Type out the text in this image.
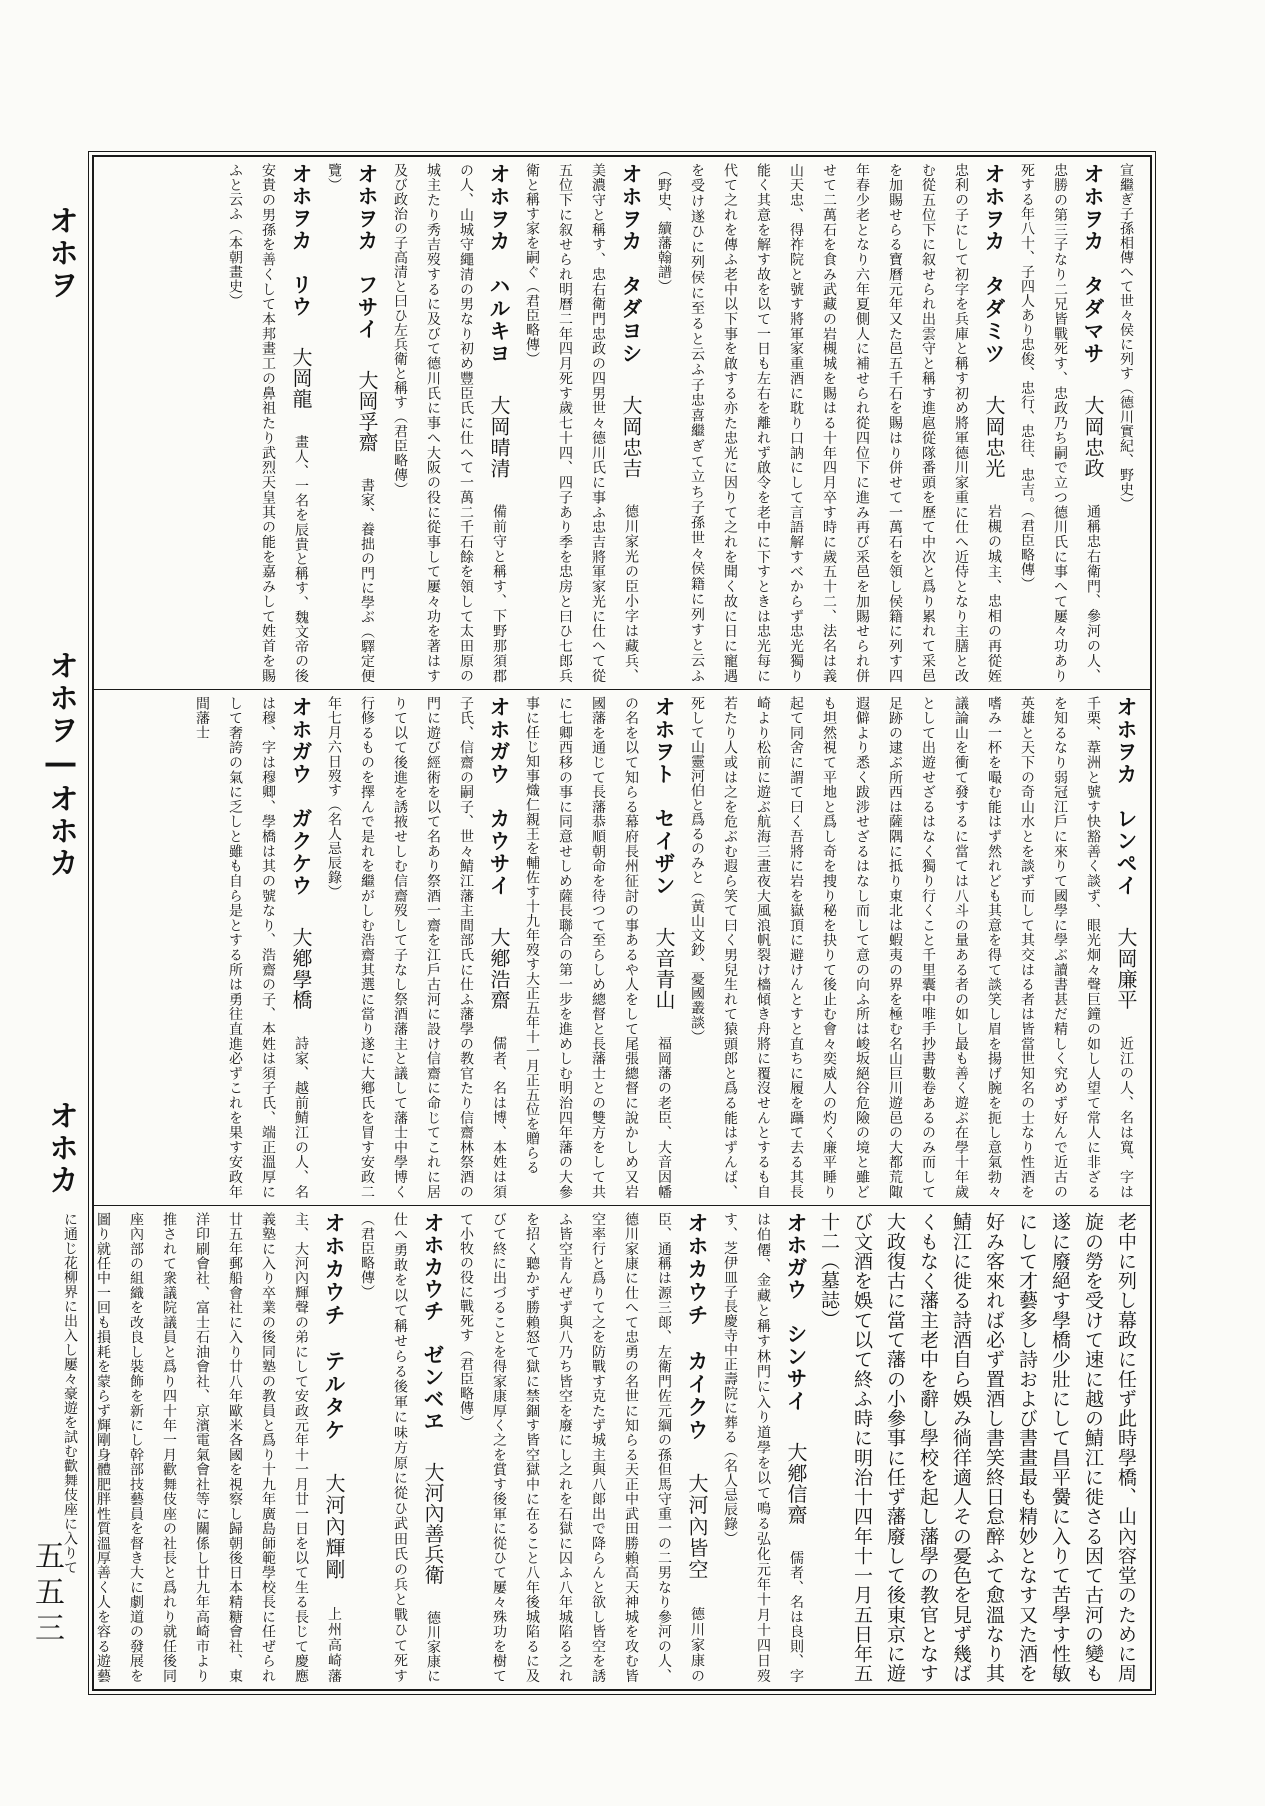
オホヲ
オホヲ―オホカ
オホカ
五五三

宣繼ぎ子孫相傳へて世々侯に列す（德川實紀、野史）

オホヲカ　タダマサ　大岡忠政　通稱忠右衛門、參河の人、忠勝の第三子なり二兄皆戰死す、忠政乃ち嗣で立つ德川氏に事へて屢々功あり死する年八十、子四人あり忠俊、忠行、忠往、忠吉。（君臣略傳）

オホヲカ　タダミツ　大岡忠光　岩槻の城主、忠相の再從姪忠利の子にして初字を兵庫と稱す初め將軍德川家重に仕へ近侍となり主膳と改む從五位下に叙せられ出雲守と稱す進扈從隊番頭を歷て中次と爲り累れて采邑を加賜せらる寶曆元年又た邑五千石を賜はり併せて一萬石を領し侯籍に列す四年春少老となり六年夏側人に補せられ從四位下に進み再び采邑を加賜せられ併せて二萬石を食み武藏の岩槻城を賜はる十年四月卒す時に歲五十二、法名は義山天忠、得祚院と號す將軍家重酒に耽り口訥にして言語解すべからず忠光獨り能く其意を解す故を以て一日も左右を離れず啟令を老中に下すときは忠光每に代て之れを傳ふ老中以下事を啟する亦た忠光に因りて之れを聞く故に日に寵遇を受け遂ひに列侯に至ると云ふ子忠喜繼ぎて立ち子孫世々侯籍に列すと云ふ（野史、續藩翰譜）

オホヲカ　タダヨシ　大岡忠吉　德川家光の臣小字は藏兵、美濃守と稱す、忠右衛門忠政の四男世々德川氏に事ふ忠吉將軍家光に仕へて從五位下に叙せられ明曆二年四月死す歲七十四、四子あり季を忠房と曰ひ七郎兵衛と稱す家を嗣ぐ（君臣略傳）

オホヲカ　ハルキヨ　大岡晴清　備前守と稱す、下野那須郡の人、山城守繩清の男なり初め豐臣氏に仕へて一萬二千石餘を領して太田原の城主たり秀吉歿するに及びて德川氏に事へ大阪の役に從事して屢々功を著はす及び政治の子高清と曰ひ左兵衛と稱す（君臣略傳）

オホヲカ　フサイ　大岡孚齋　書家、養拙の門に學ぶ（驛定便覽）

オホヲカ　リウ　大岡龍　畫人、一名を辰貴と稱す、魏文帝の後安貴の男孫を善くして本邦畫工の鼻祖たり武烈天皇其の能を嘉みして姓首を賜ふと云ふ（本朝畫史）

オホヲカ　レンペイ　大岡廉平　近江の人、名は寬、字は千栗、葦洲と號す快豁善く談ず、眼光炯々聲巨鐘の如し人望て常人に非ざるを知るなり弱冠江戶に來りて國學に學ぶ讀書甚だ精しく究めず好んで近古の英雄と天下の奇山水とを談ず而して其交はる者は皆當世知名の士なり性酒を嗜み一杯を嘬む能はず然れども其意を得て談笑し眉を揚げ腕を扼し意氣勃々議論山を衝て發するに當ては八斗の量ある者の如し最も善く遊ぶ在學十年歲として出遊せざるはなく獨り行くこと千里囊中唯手抄書數卷あるのみ而して足跡の逮ぶ所西は薩隅に抵り東北は蝦夷の界を極む名山巨川遊邑の大都荒陬遐僻より悉く跋涉せざるはなし而して意の向ふ所は峻坂絕谷危險の境と雖ども坦然視て平地と爲し奇を捜り秘を抉りて後止む會々奕威人の灼く廉平睡り起て同舍に謂て曰く吾將に岩を嶽頂に避けんとすと直ちに履を躡て去る其長崎より松前に遊ぶ航海三晝夜大風浪帆裂け檣傾き舟將に覆沒せんとするも自若たり人或は之を危ぶむ遐ら笑て曰く男兒生れて猿頭郎と爲る能はずんば、死して山靈河伯と爲るのみと（黃山文鈔、憂國叢談）

オホヲト　セイザン　大音青山　福岡藩の老臣、大音因幡の名を以て知らる幕府長州征討の事あるや人をして尾張總督に說かしめ又岩國藩を通じて長藩恭順朝命を待つて至らしめ總督と長藩士との雙方をして共に七卿西移の事に同意せしめ薩長聯合の第一步を進めしむ明治四年藩の大參事に任じ知事熾仁親王を輔佐す十九年歿す大正五年十一月正五位を贈らる

オホガウ　カウサイ　大鄕浩齋　儒者、名は博、本姓は須子氏、信齋の嗣子、世々鯖江藩主間部氏に仕ふ藩學の教官たり信齋林祭酒の門に遊び經術を以て名あり祭酒一齋を江戶古河に設け信齋に命じてこれに居りて以て後進を誘掖せしむ信齋歿して子なし祭酒藩主と議して藩士中學博く行修るものを擇んで是れを繼がしむ浩齋其選に當り遂に大鄕氏を冒す安政二年七月六日歿す（名人忌辰錄）

オホガウ　ガクケウ　大鄕學橋　詩家、越前鯖江の人、名は穆、字は穆卿、學橋は其の號なり、浩齋の子、本姓は須子氏、端正溫厚にして奢誇の氣に乏しと雖も自ら是とする所は勇往直進必ずこれを果す安政年間藩士

老中に列し幕政に任ず此時學橋、山內容堂のために周旋の勞を受けて速に越の鯖江に徙さる因て古河の變も遂に廢絕す學橋少壯にして昌平黌に入りて苦學す性敏にして才藝多し詩および書畫最も精妙となす又た酒を好み客來れば必ず置酒し書笑終日怠醉ふて愈溫なり其鯖江に徙る詩酒自ら娛み徜徉適人その憂色を見ず幾ばくもなく藩主老中を辭し學校を起し藩學の教官となす大政復古に當て藩の小參事に任ず藩廢して後東京に遊び文酒を娛て以て終ふ時に明治十四年十一月五日年五十二（墓誌）

オホガウ　シンサイ　大鄕信齋　儒者、名は良則、字は伯僊、金藏と稱す林門に入り道學を以て鳴る弘化元年十月十四日歿す、芝伊皿子長慶寺中正壽院に葬る（名人忌辰錄）

オホカウチ　カイクウ　大河內皆空　德川家康の臣、通稱は源三郞、左衛門佐元綱の孫但馬守重一の二男なり參河の人、德川家康に仕へて忠勇の名世に知らる天正中武田勝賴高天神城を攻む皆空率行と爲りて之を防戰す克たず城主與八郞出で降らんと欲し皆空を誘ふ皆空肯んぜず與八乃ち皆空を廢にし之れを石獄に囚ふ八年城陷る之れを招く聽かず勝賴怒て獄に禁錮す皆空獄中に在ること八年後城陷るに及びて終に出づることを得家康厚く之を賞す後軍に從ひて屢々殊功を樹てて小牧の役に戰死す（君臣略傳）

オホカウチ　ゼンベヱ　大河內善兵衛　德川家康に仕へ勇敢を以て稱せらる後軍に味方原に從ひ武田氏の兵と戰ひて死す（君臣略傳）

オホカウチ　テルタケ　大河內輝剛　上州高崎藩主、大河內輝聲の弟にして安政元年十一月廿一日を以て生る長じて慶應義塾に入り卒業の後同塾の教員と爲り十九年廣島師範學校長に任ぜられ廿五年郵船會社に入り廿八年歐米各國を視察し歸朝後日本精糖會社、東洋印刷會社、富士石油會社、京濱電氣會社等に關係し廿九年高崎市より推されて衆議院議員と爲り四十年一月歡舞伎座の社長と爲れり就任後同座內部の組織を改良し裝飾を新にし幹部技藝員を督き大に劇道の發展を圖り就任中一回も損耗を蒙らず輝剛身體肥胖性質溫厚善く人を容る遊藝に通じ花柳界に出入し屢々豪遊を試む歡舞伎座に入りて
